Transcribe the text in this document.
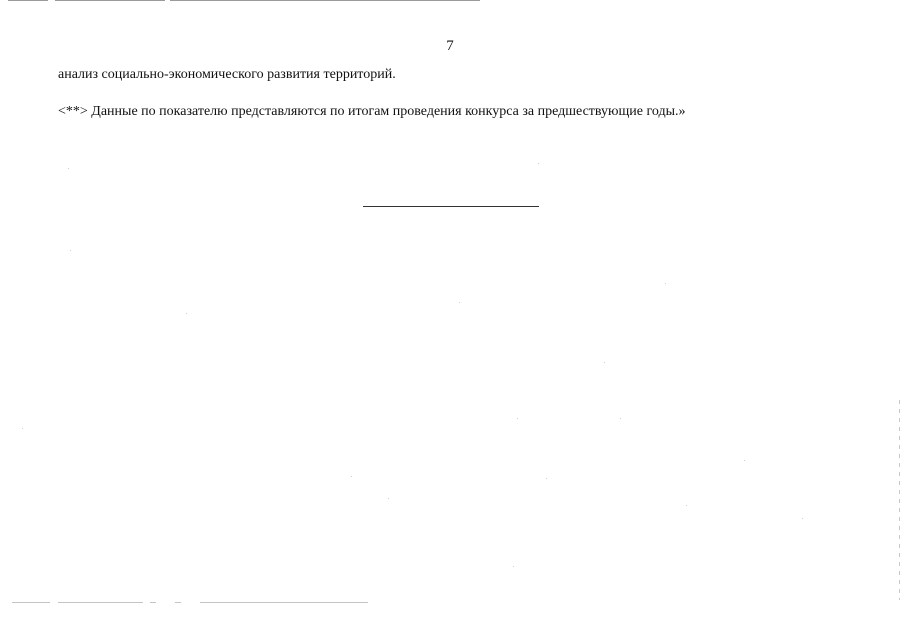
7
анализ социально-экономического развития территорий.
<**> Данные по показателю представляются по итогам проведения конкурса за предшествующие годы.»
